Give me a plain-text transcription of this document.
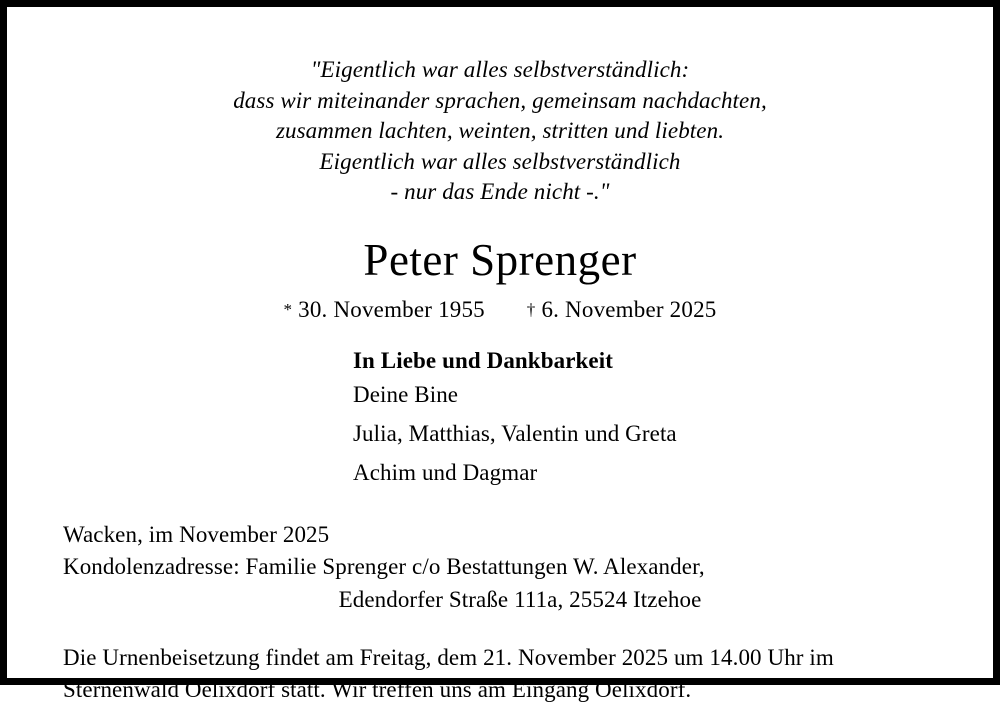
"Eigentlich war alles selbstverständlich:
dass wir miteinander sprachen, gemeinsam nachdachten,
zusammen lachten, weinten, stritten und liebten.
Eigentlich war alles selbstverständlich
- nur das Ende nicht -."
Peter Sprenger
* 30. November 1955 † 6. November 2025
In Liebe und Dankbarkeit
Deine Bine
Julia, Matthias, Valentin und Greta
Achim und Dagmar
Wacken, im November 2025
Kondolenzadresse: Familie Sprenger c/o Bestattungen W. Alexander,
Edendorfer Straße 111a, 25524 Itzehoe
Die Urnenbeisetzung findet am Freitag, dem 21. November 2025 um 14.00 Uhr im
Sternenwald Oelixdorf statt. Wir treffen uns am Eingang Oelixdorf.
